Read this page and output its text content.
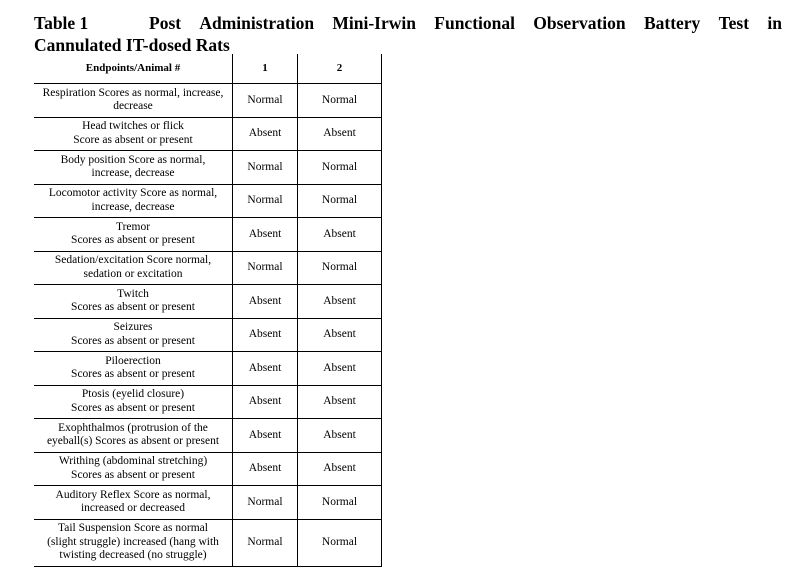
Table 1	Post Administration Mini-Irwin Functional Observation Battery Test in
Cannulated IT-dosed Rats
Endpoints/Animal #	1	2

Respiration Scores as normal, increase,
decrease	Normal	Normal

Head twitches or flick
Score as absent or present	Absent	Absent

Body position Score as normal,
increase, decrease	Normal	Normal

Locomotor activity Score as normal,
increase, decrease	Normal	Normal

Tremor
Scores as absent or present	Absent	Absent

Sedation/excitation Score normal,
sedation or excitation	Normal	Normal

Twitch
Scores as absent or present	Absent	Absent

Seizures
Scores as absent or present	Absent	Absent

Piloerection
Scores as absent or present	Absent	Absent

Ptosis (eyelid closure)
Scores as absent or present	Absent	Absent

Exophthalmos (protrusion of the
eyeball(s) Scores as absent or present	Absent	Absent

Writhing (abdominal stretching)
Scores as absent or present	Absent	Absent

Auditory Reflex Score as normal,
increased or decreased	Normal	Normal

Tail Suspension Score as normal
(slight struggle) increased (hang with
twisting decreased (no struggle)	Normal	Normal
